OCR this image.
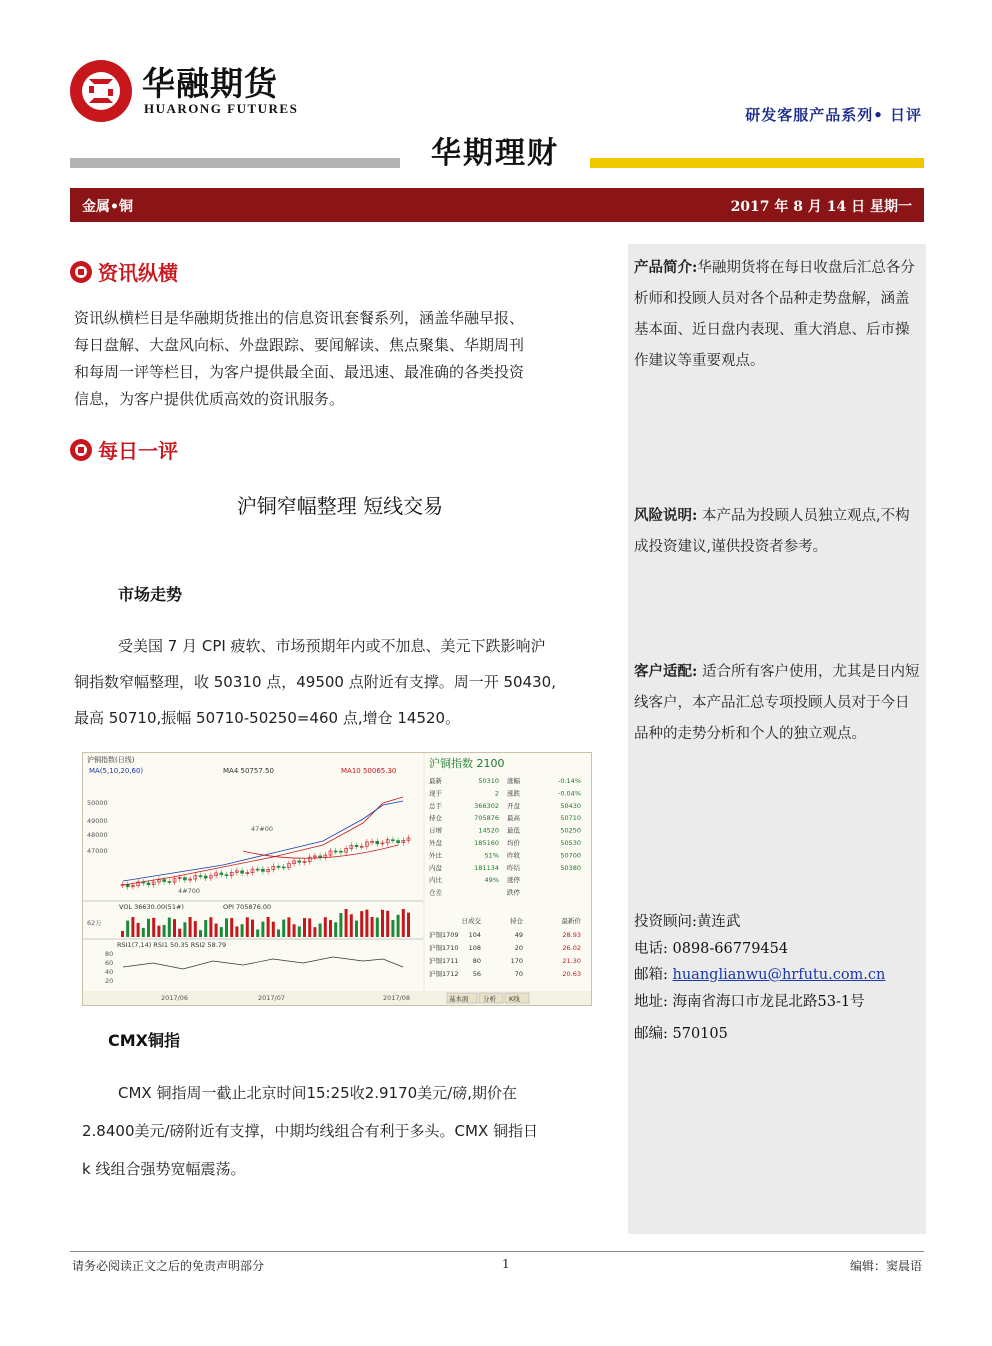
华融期货
HUARONG FUTURES	研发客服产品系列• 日评
华期理财
金属•铜	2017 年 8 月 14 日 星期一
产品简介:华融期货将在每日收盘后汇总各分析师和投顾人员对各个品种走势盘解，涵盖基本面、近日盘内表现、重大消息、后市操作建议等重要观点。
风险说明: 本产品为投顾人员独立观点,不构成投资建议,谨供投资者参考。
客户适配: 适合所有客户使用，尤其是日内短线客户，本产品汇总专项投顾人员对于今日品种的走势分析和个人的独立观点。
投资顾问:黄连武
电话: 0898-66779454
邮箱: huanglianwu@hrfutu.com.cn
地址: 海南省海口市龙昆北路53-1号
邮编: 570105
资讯纵横
资讯纵横栏目是华融期货推出的信息资讯套餐系列，涵盖华融早报、
每日盘解、大盘风向标、外盘跟踪、要闻解读、焦点聚集、华期周刊
和每周一评等栏目，为客户提供最全面、最迅速、最准确的各类投资
信息，为客户提供优质高效的资讯服务。
每日一评
沪铜窄幅整理 短线交易
市场走势
受美国 7 月 CPI 疲软、市场预期年内或不加息、美元下跌影响沪
铜指数窄幅整理，收 50310 点，49500 点附近有支撑。周一开 50430,
最高 50710,振幅 50710-50250=460 点,增仓 14520。
沪铜指数(日线)
MA(5,10,20,60)	MA4 50757.50	MA10 50065.30
50000
49000
48000
47000
4#700
47#00
VOL 36630.00(51#)	OPI 705876.00
62万
RSI1(7,14) RSI1 50.35 RSI2 58.79
80
60
40
20
2017/06	2017/07	2017/08
沪铜指数 2100
最新	50310 涨幅	-0.14%
现手	2 涨跌	-0.04%
总手	366302 开盘	50430
持仓	705876 最高	50710
日增	14520 最低	50250
外盘	185160 均价	50530
外比	51% 昨收	50700
内盘	181134 昨结	50380
内比	49% 涨停
仓差	跌停
日成交	持仓	最新价
沪铜1709 104	49	28.93
沪铜1710 108	20	26.02
沪铜1711 80	170	21.30
沪铜1712 56	70	20.63
基本面 分析 K线
CMX铜指
CMX 铜指周一截止北京时间15:25收2.9170美元/磅,期价在
2.8400美元/磅附近有支撑，中期均线组合有利于多头。CMX 铜指日
k 线组合强势宽幅震荡。
请务必阅读正文之后的免责声明部分	1	编辑：窦晨语
